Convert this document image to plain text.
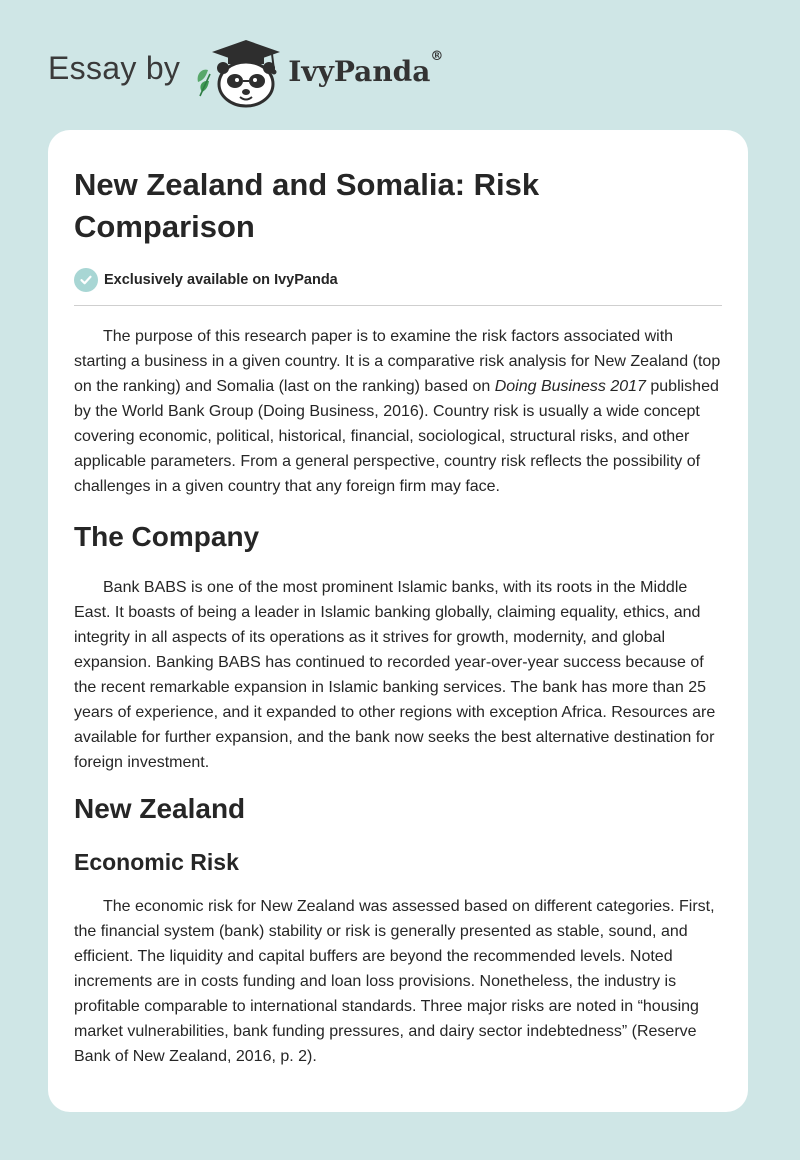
Essay by	IvyPanda®
New Zealand and Somalia: Risk Comparison
Exclusively available on IvyPanda

The purpose of this research paper is to examine the risk factors associated with starting a business in a given country. It is a comparative risk analysis for New Zealand (top on the ranking) and Somalia (last on the ranking) based on Doing Business 2017 published by the World Bank Group (Doing Business, 2016). Country risk is usually a wide concept covering economic, political, historical, financial, sociological, structural risks, and other applicable parameters. From a general perspective, country risk reflects the possibility of challenges in a given country that any foreign firm may face.

The Company

Bank BABS is one of the most prominent Islamic banks, with its roots in the Middle East. It boasts of being a leader in Islamic banking globally, claiming equality, ethics, and integrity in all aspects of its operations as it strives for growth, modernity, and global expansion. Banking BABS has continued to recorded year-over-year success because of the recent remarkable expansion in Islamic banking services. The bank has more than 25 years of experience, and it expanded to other regions with exception Africa. Resources are available for further expansion, and the bank now seeks the best alternative destination for foreign investment.

New Zealand
Economic Risk

The economic risk for New Zealand was assessed based on different categories. First, the financial system (bank) stability or risk is generally presented as stable, sound, and efficient. The liquidity and capital buffers are beyond the recommended levels. Noted increments are in costs funding and loan loss provisions. Nonetheless, the industry is profitable comparable to international standards. Three major risks are noted in “housing market vulnerabilities, bank funding pressures, and dairy sector indebtedness” (Reserve Bank of New Zealand, 2016, p. 2).
